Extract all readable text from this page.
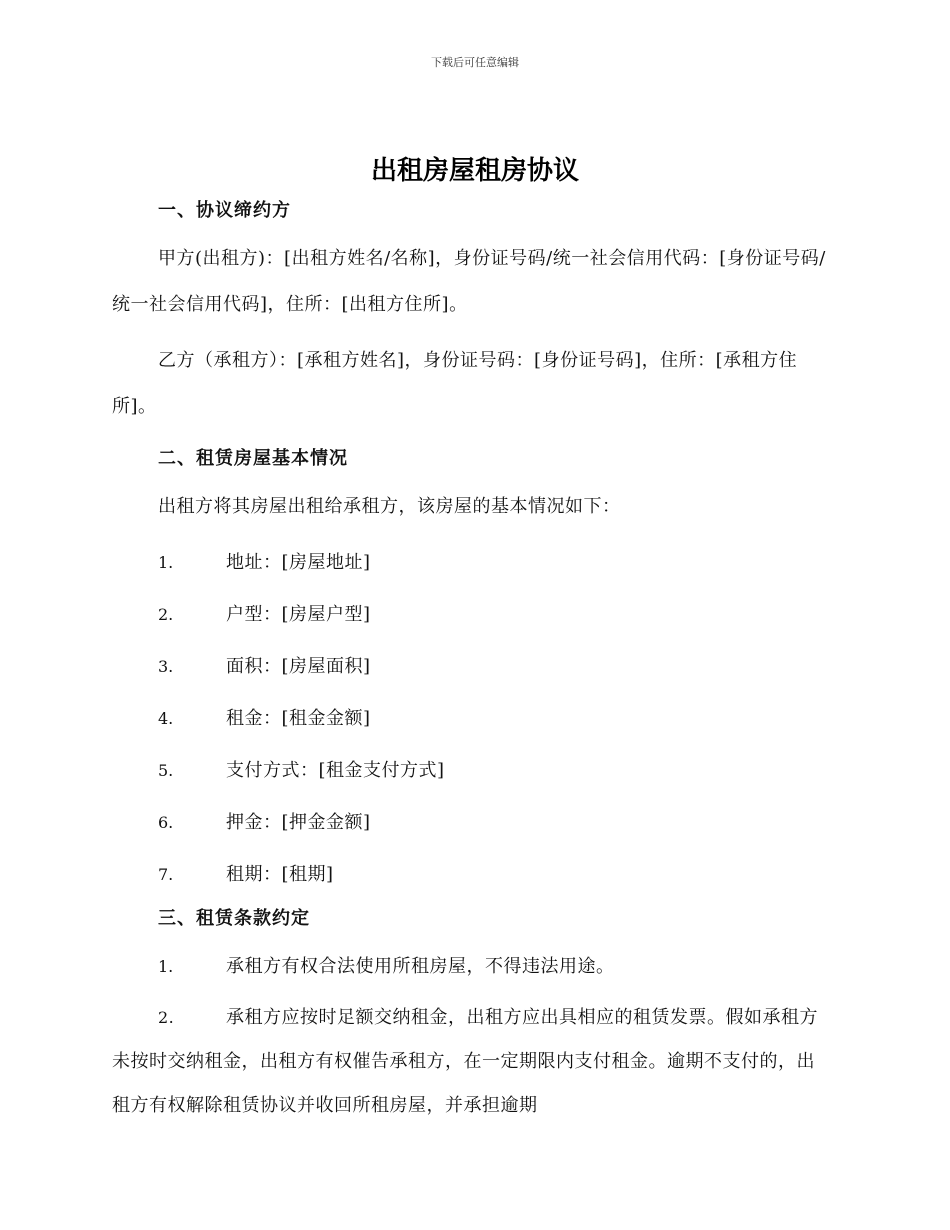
下载后可任意编辑
出租房屋租房协议
一、协议缔约方

甲方(出租方)：[出租方姓名/名称]，身份证号码/统一社会信用代码：[身份证号码/统一社会信用代码]，住所：[出租方住所]。

乙方（承租方）：[承租方姓名]，身份证号码：[身份证号码]，住所：[承租方住所]。

二、租赁房屋基本情况

出租方将其房屋出租给承租方，该房屋的基本情况如下：

1.	地址：[房屋地址]
2.	户型：[房屋户型]
3.	面积：[房屋面积]
4.	租金：[租金金额]
5.	支付方式：[租金支付方式]
6.	押金：[押金金额]
7.	租期：[租期]
三、租赁条款约定
1.	承租方有权合法使用所租房屋，不得违法用途。

2.	承租方应按时足额交纳租金，出租方应出具相应的租赁发票。假如承租方未按时交纳租金，出租方有权催告承租方，在一定期限内支付租金。逾期不支付的，出租方有权解除租赁协议并收回所租房屋，并承担逾期
